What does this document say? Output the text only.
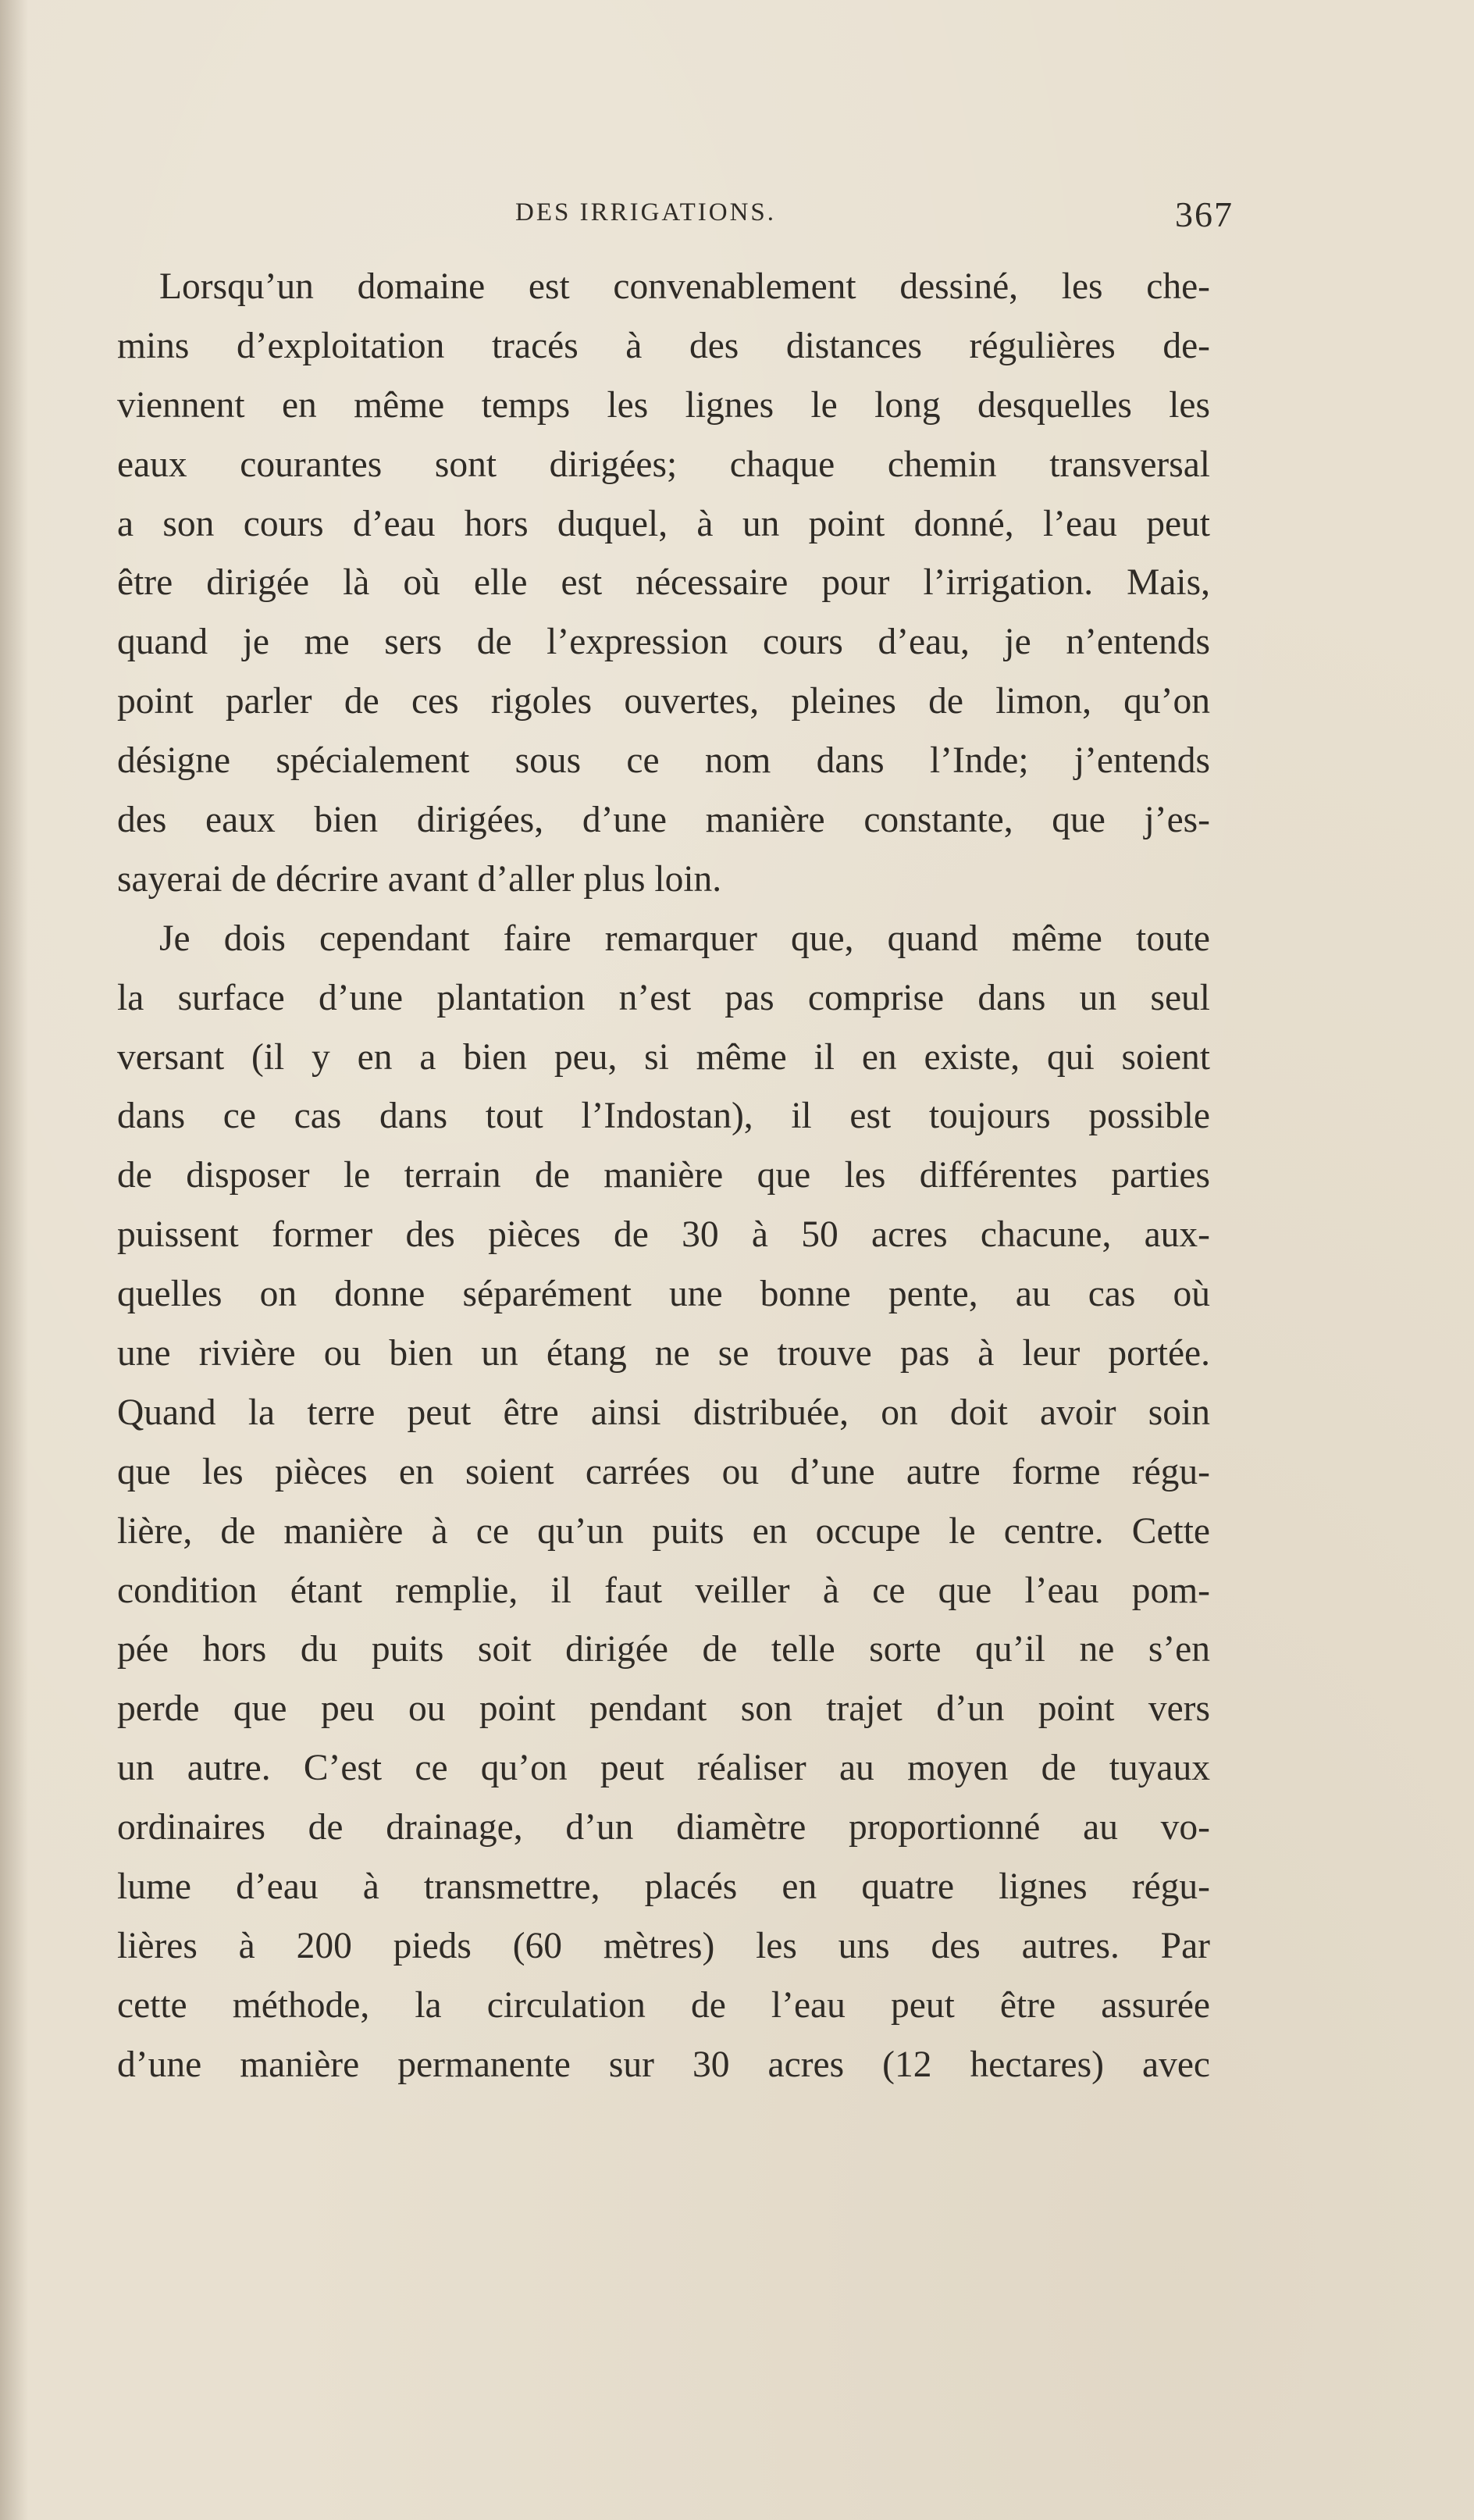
DES IRRIGATIONS.	367
Lorsqu’un domaine est convenablement dessiné, les che-
mins d’exploitation tracés à des distances régulières de-
viennent en même temps les lignes le long desquelles les
eaux courantes sont dirigées; chaque chemin transversal
a son cours d’eau hors duquel, à un point donné, l’eau peut
être dirigée là où elle est nécessaire pour l’irrigation. Mais,
quand je me sers de l’expression cours d’eau, je n’entends
point parler de ces rigoles ouvertes, pleines de limon, qu’on
désigne spécialement sous ce nom dans l’Inde; j’entends
des eaux bien dirigées, d’une manière constante, que j’es-
sayerai de décrire avant d’aller plus loin.
Je dois cependant faire remarquer que, quand même toute
la surface d’une plantation n’est pas comprise dans un seul
versant (il y en a bien peu, si même il en existe, qui soient
dans ce cas dans tout l’Indostan), il est toujours possible
de disposer le terrain de manière que les différentes parties
puissent former des pièces de 30 à 50 acres chacune, aux-
quelles on donne séparément une bonne pente, au cas où
une rivière ou bien un étang ne se trouve pas à leur portée.
Quand la terre peut être ainsi distribuée, on doit avoir soin
que les pièces en soient carrées ou d’une autre forme régu-
lière, de manière à ce qu’un puits en occupe le centre. Cette
condition étant remplie, il faut veiller à ce que l’eau pom-
pée hors du puits soit dirigée de telle sorte qu’il ne s’en
perde que peu ou point pendant son trajet d’un point vers
un autre. C’est ce qu’on peut réaliser au moyen de tuyaux
ordinaires de drainage, d’un diamètre proportionné au vo-
lume d’eau à transmettre, placés en quatre lignes régu-
lières à 200 pieds (60 mètres) les uns des autres. Par
cette méthode, la circulation de l’eau peut être assurée
d’une manière permanente sur 30 acres (12 hectares) avec
